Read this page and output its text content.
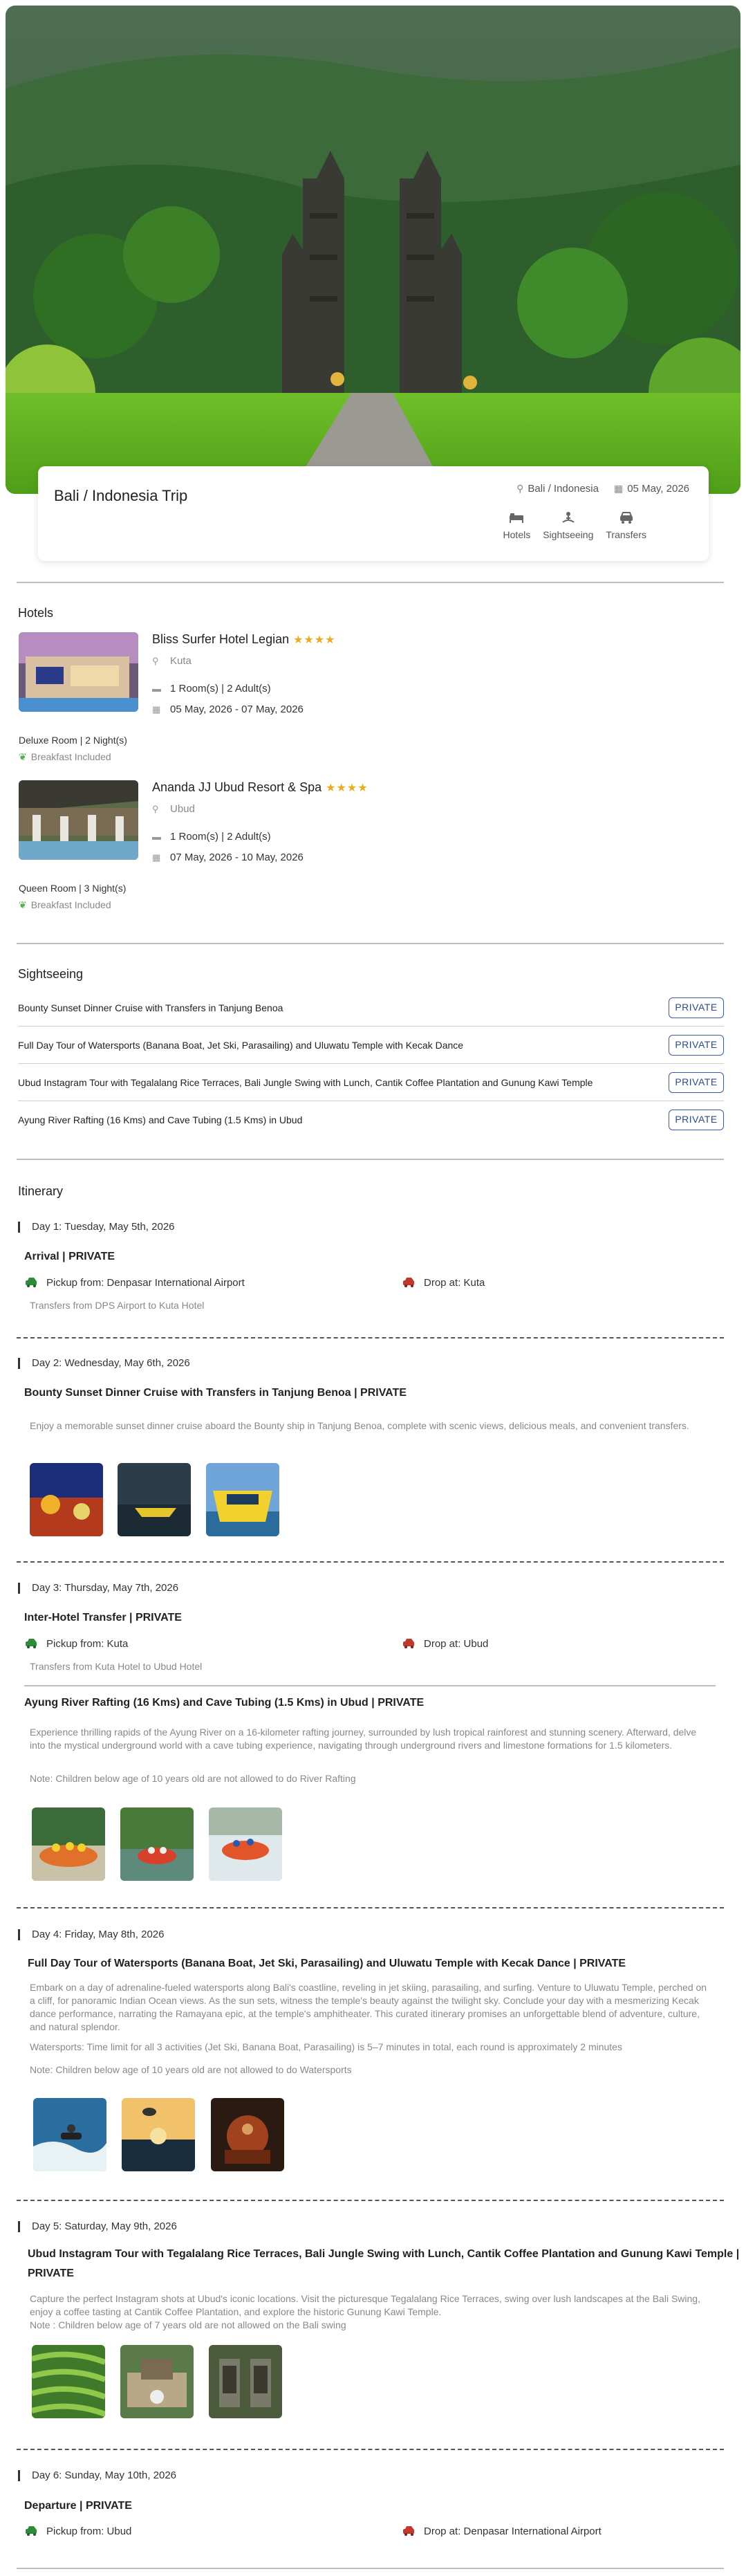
Bali / Indonesia Trip	⚲ Bali / Indonesia ▦ 05 May, 2026
Hotels Sightseeing Transfers
Hotels
Bliss Surfer Hotel Legian ★★★★
⚲ Kuta
▬ 1 Room(s) | 2 Adult(s)
▦ 05 May, 2026 - 07 May, 2026
Deluxe Room | 2 Night(s)
❦ Breakfast Included
Ananda JJ Ubud Resort & Spa ★★★★
⚲ Ubud
▬ 1 Room(s) | 2 Adult(s)
▦ 07 May, 2026 - 10 May, 2026
Queen Room | 3 Night(s)
❦ Breakfast Included
Sightseeing
Bounty Sunset Dinner Cruise with Transfers in Tanjung Benoa	PRIVATE
Full Day Tour of Watersports (Banana Boat, Jet Ski, Parasailing) and Uluwatu Temple with Kecak Dance	PRIVATE
Ubud Instagram Tour with Tegalalang Rice Terraces, Bali Jungle Swing with Lunch, Cantik Coffee Plantation and Gunung Kawi Temple	PRIVATE
Ayung River Rafting (16 Kms) and Cave Tubing (1.5 Kms) in Ubud	PRIVATE
Itinerary
Day 1: Tuesday, May 5th, 2026
Arrival | PRIVATE
Pickup from: Denpasar International Airport	Drop at: Kuta
Transfers from DPS Airport to Kuta Hotel
Day 2: Wednesday, May 6th, 2026
Bounty Sunset Dinner Cruise with Transfers in Tanjung Benoa | PRIVATE
Enjoy a memorable sunset dinner cruise aboard the Bounty ship in Tanjung Benoa, complete with scenic views, delicious meals, and convenient transfers.
Day 3: Thursday, May 7th, 2026
Inter-Hotel Transfer | PRIVATE
Pickup from: Kuta	Drop at: Ubud
Transfers from Kuta Hotel to Ubud Hotel
Ayung River Rafting (16 Kms) and Cave Tubing (1.5 Kms) in Ubud | PRIVATE
Experience thrilling rapids of the Ayung River on a 16-kilometer rafting journey, surrounded by lush tropical rainforest and stunning scenery. Afterward, delve into the mystical underground world with a cave tubing experience, navigating through underground rivers and limestone formations for 1.5 kilometers.
Note: Children below age of 10 years old are not allowed to do River Rafting
Day 4: Friday, May 8th, 2026
Full Day Tour of Watersports (Banana Boat, Jet Ski, Parasailing) and Uluwatu Temple with Kecak Dance | PRIVATE
Embark on a day of adrenaline-fueled watersports along Bali's coastline, reveling in jet skiing, parasailing, and surfing. Venture to Uluwatu Temple, perched on a cliff, for panoramic Indian Ocean views. As the sun sets, witness the temple's beauty against the twilight sky. Conclude your day with a mesmerizing Kecak dance performance, narrating the Ramayana epic, at the temple's amphitheater. This curated itinerary promises an unforgettable blend of adventure, culture, and natural splendor.
Watersports: Time limit for all 3 activities (Jet Ski, Banana Boat, Parasailing) is 5–7 minutes in total, each round is approximately 2 minutes
Note: Children below age of 10 years old are not allowed to do Watersports
Day 5: Saturday, May 9th, 2026
Ubud Instagram Tour with Tegalalang Rice Terraces, Bali Jungle Swing with Lunch, Cantik Coffee Plantation and Gunung Kawi Temple |
PRIVATE
Capture the perfect Instagram shots at Ubud's iconic locations. Visit the picturesque Tegalalang Rice Terraces, swing over lush landscapes at the Bali Swing, enjoy a coffee tasting at Cantik Coffee Plantation, and explore the historic Gunung Kawi Temple.
Note : Children below age of 7 years old are not allowed on the Bali swing
Day 6: Sunday, May 10th, 2026
Departure | PRIVATE
Pickup from: Ubud	Drop at: Denpasar International Airport
